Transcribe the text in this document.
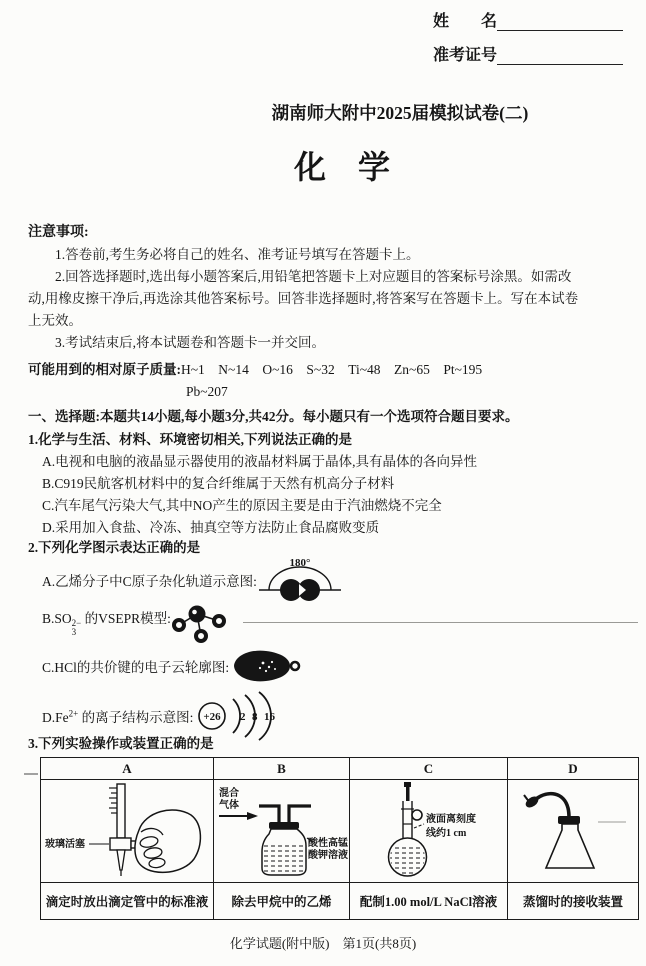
姓　　名
准考证号
湖南师大附中2025届模拟试卷(二)
化　学

注意事项:

1.答卷前,考生务必将自己的姓名、准考证号填写在答题卡上。

2.回答选择题时,选出每小题答案后,用铅笔把答题卡上对应题目的答案标号涂黑。如需改动,用橡皮擦干净后,再选涂其他答案标号。回答非选择题时,将答案写在答题卡上。写在本试卷上无效。

3.考试结束后,将本试题卷和答题卡一并交回。

可能用到的相对原子质量:H~1　N~14　O~16　S~32　Ti~48　Zn~65　Pt~195

Pb~207

一、选择题:本题共14小题,每小题3分,共42分。每小题只有一个选项符合题目要求。

1.化学与生活、材料、环境密切相关,下列说法正确的是

A.电视和电脑的液晶显示器使用的液晶材料属于晶体,具有晶体的各向异性

B.C919民航客机材料中的复合纤维属于天然有机高分子材料

C.汽车尾气污染大气,其中NO产生的原因主要是由于汽油燃烧不完全

D.采用加入食盐、冷冻、抽真空等方法防止食品腐败变质

2.下列化学图示表达正确的是

A.乙烯分子中C原子杂化轨道示意图:
180°
B.SO 2−
3
的VSEPR模型:
C.HCl的共价键的电子云轮廓图:
$D.Fe^{2+}$ 的离子结构示意图: +26 2 8 16

3.下列实验操作或装置正确的是

A	B	C	D
玻璃活塞
混合
气体
酸性高锰
酸钾溶液
液面离刻度
线约1 cm
滴定时放出滴定管中的标准液	除去甲烷中的乙烯	配制1.00 mol/L NaCl溶液	蒸馏时的接收装置
化学试题(附中版)　第1页(共8页)
